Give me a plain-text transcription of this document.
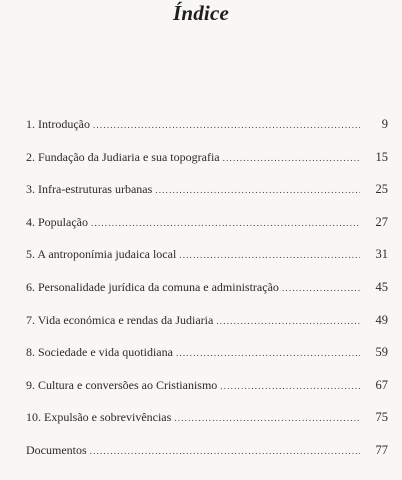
Índice
1. Introdução .....	9
2. Fundação da Judiaria e sua topografia .....	15
3. Infra-estruturas urbanas .....	25
4. População .....	27
5. A antroponímia judaica local .....	31
6. Personalidade jurídica da comuna e administração .....	45
7. Vida económica e rendas da Judiaria .....	49
8. Sociedade e vida quotidiana .....	59
9. Cultura e conversões ao Cristianismo .....	67
10. Expulsão e sobrevivências .....	75
Documentos .....	77
